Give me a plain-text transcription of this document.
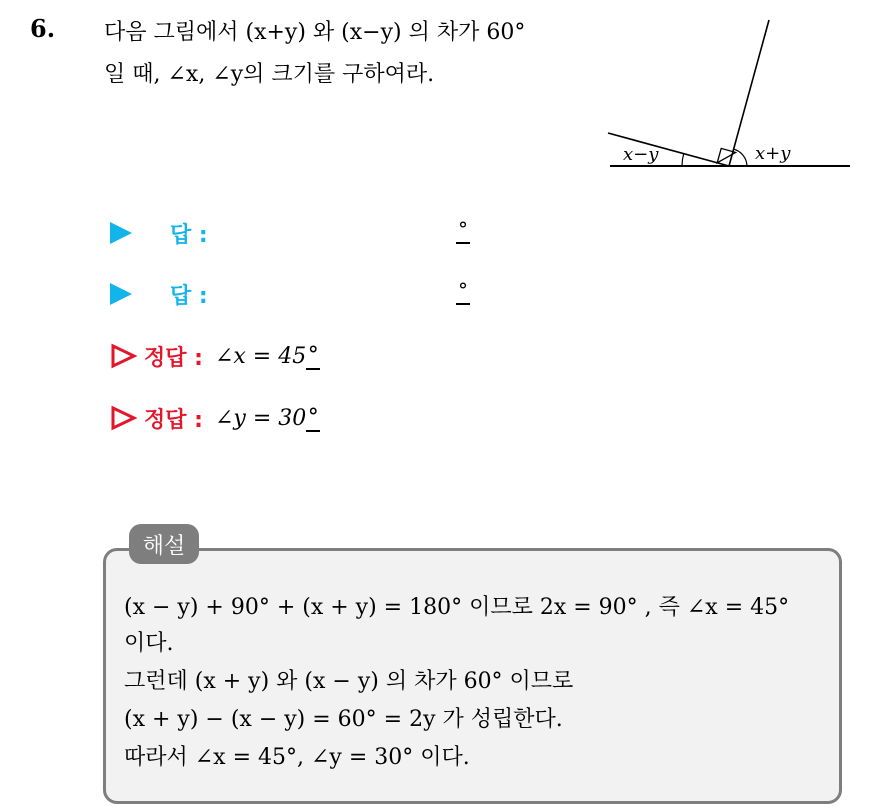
6. 다음 그림에서 (x+y) 와 (x−y) 의 차가 60°
일 때, ∠x, ∠y의 크기를 구하여라.
x−y	x+y
답 :	°
답 :	°
정답 : ∠x = 45 °
정답 : ∠y = 30 °
해설
(x − y) + 90° + (x + y) = 180° 이므로 2x = 90° , 즉 ∠x = 45°
이다.
그런데 (x + y) 와 (x − y) 의 차가 60° 이므로
(x + y) − (x − y) = 60° = 2y 가 성립한다.
따라서 ∠x = 45°, ∠y = 30° 이다.
